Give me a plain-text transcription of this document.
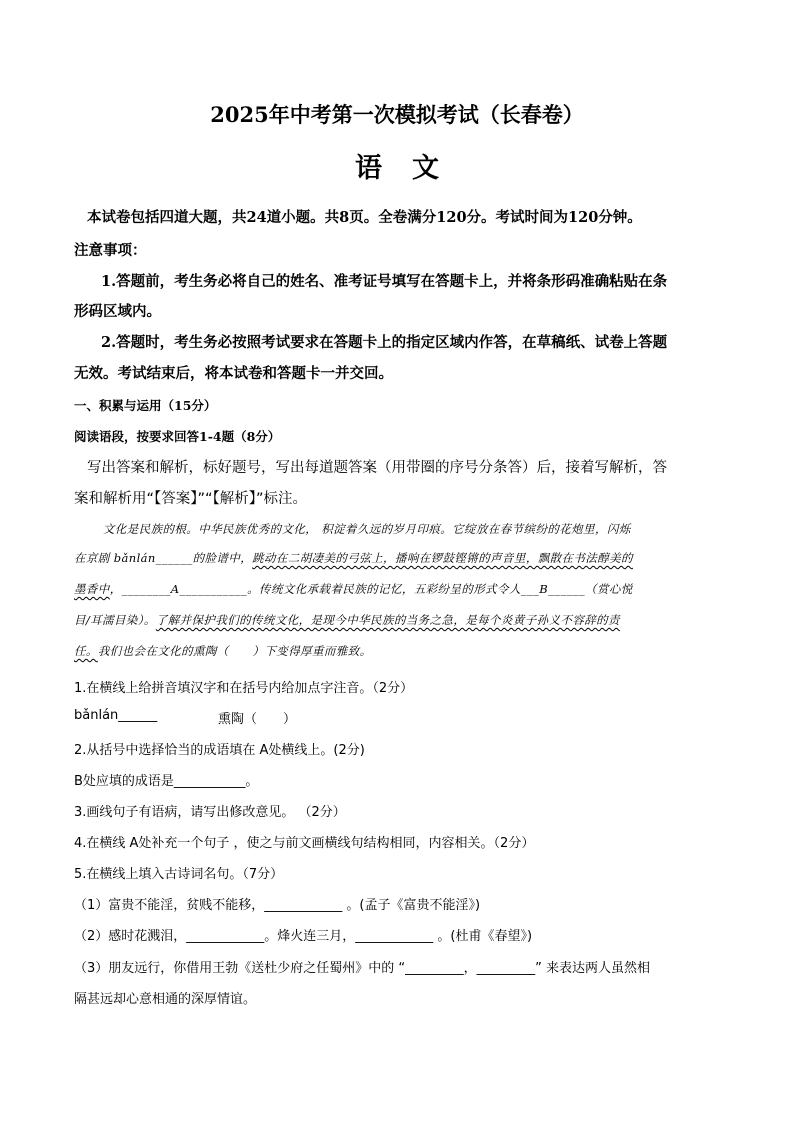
2025年中考第一次模拟考试（长春卷）
语文
本试卷包括四道大题，共24道小题。共8页。全卷满分120分。考试时间为120分钟。
注意事项：
1.答题前，考生务必将自己的姓名、准考证号填写在答题卡上，并将条形码准确粘贴在条
形码区域内。
2.答题时，考生务必按照考试要求在答题卡上的指定区域内作答，在草稿纸、试卷上答题
无效。考试结束后，将本试卷和答题卡一并交回。
一、积累与运用（15分）
阅读语段，按要求回答1-4题（8分）
写出答案和解析，标好题号，写出每道题答案（用带圈的序号分条答）后，接着写解析，答
案和解析用“【答案】”“【解析】”标注。
文化是民族的根。中华民族优秀的文化， 积淀着久远的岁月印痕。它绽放在春节缤纷的花炮里，闪烁
在京剧 bǎnlán______的脸谱中，跳动在二胡凄美的弓弦上，播响在锣鼓铿锵的声音里，飘散在书法醇美的
墨香中，________A___________。传统文化承载着民族的记忆，五彩纷呈的形式令人___B______（赏心悦
目/耳濡目染）。了解并保护我们的传统文化，是现今中华民族的当务之急，是每个炎黄子孙义不容辞的责
任。我们也会在文化的熏陶（　　）下变得厚重而雅致。
1.在横线上给拼音填汉字和在括号内给加点字注音。（2分）
bǎnlán______	熏陶（　　）
2.从括号中选择恰当的成语填在 A处横线上。(2分)
B处应填的成语是___________。
3.画线句子有语病，请写出修改意见。 （2分）
4.在横线 A处补充一个句子 ，使之与前文画横线句结构相同，内容相关。（2分）
5.在横线上填入古诗词名句。（7分）
（1）富贵不能淫，贫贱不能移，____________ 。(孟子《富贵不能淫》)
（2）感时花溅泪，____________。烽火连三月，____________ 。(杜甫《春望》)
（3）朋友远行，你借用王勃《送杜少府之任蜀州》中的 “_________，_________” 来表达两人虽然相
隔甚远却心意相通的深厚情谊。
